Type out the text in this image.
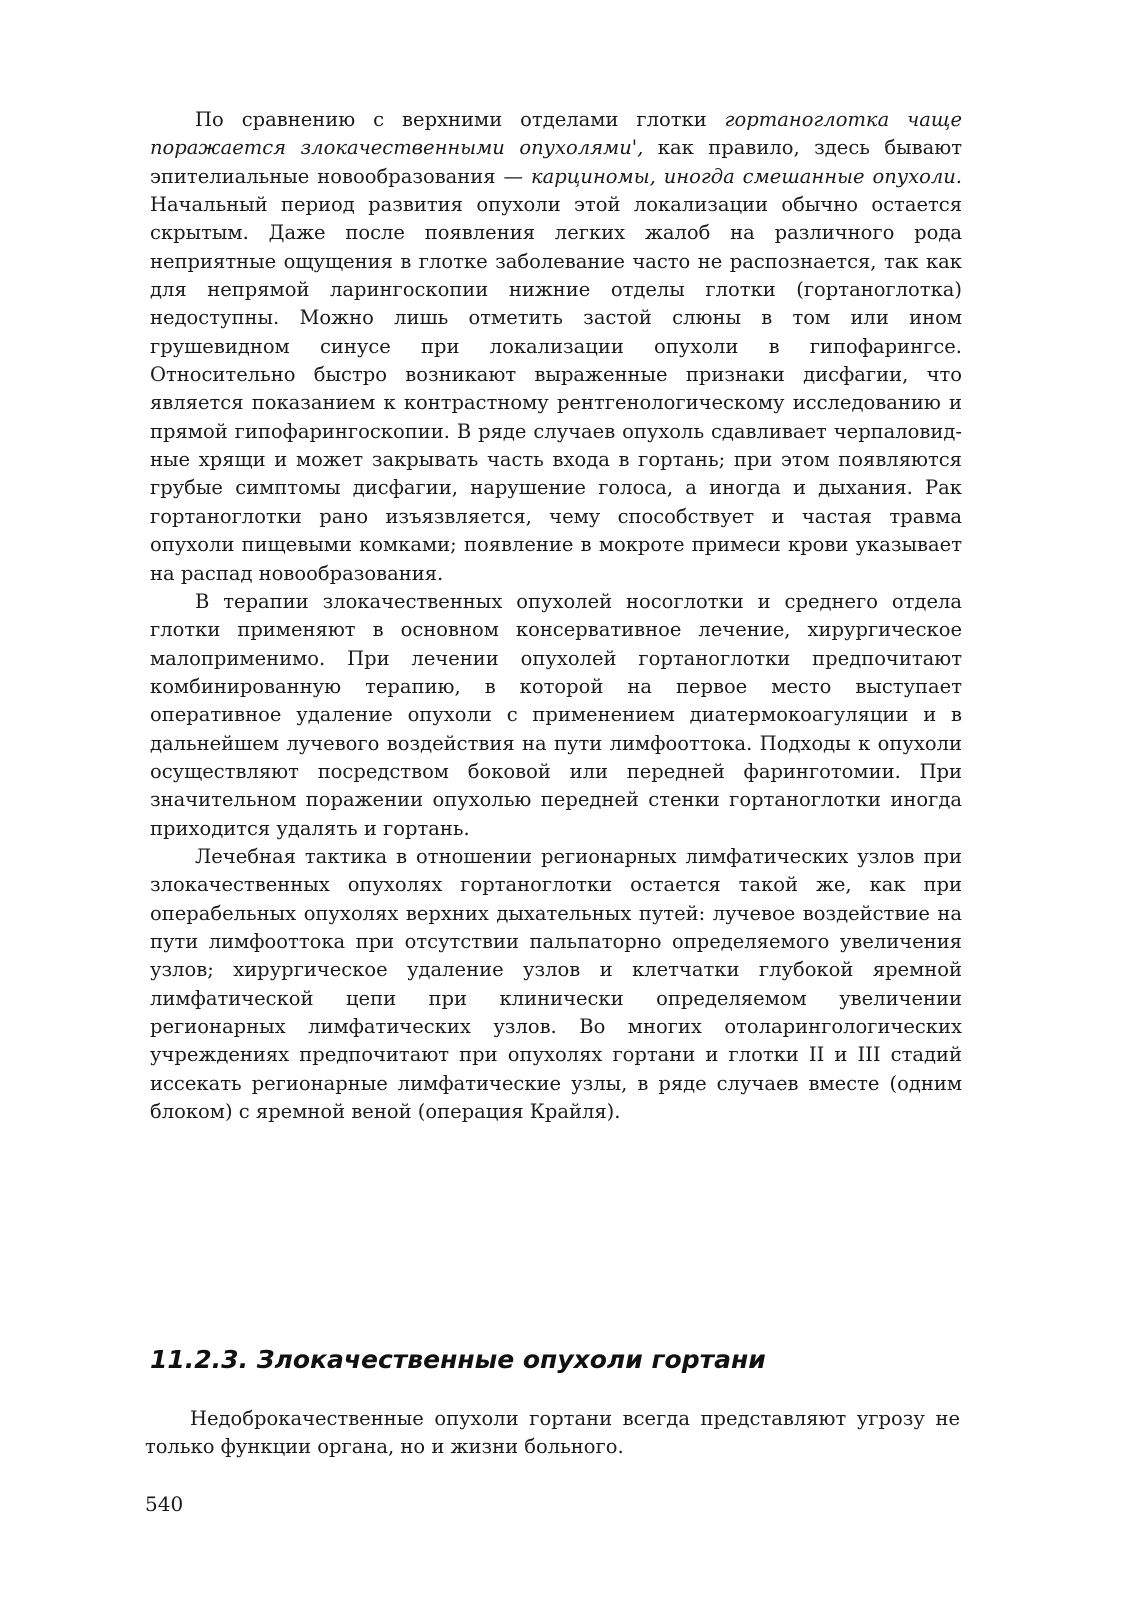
По сравнению с верхними отделами глотки гортаноглотка чаще поражается злокачественными опухолями', как правило, здесь бывают эпителиальные новообразования — карциномы, иногда смешанные опухоли. Начальный период развития опухоли этой локализации обычно остается скрытым. Даже после появления легких жалоб на различного рода неприятные ощущения в глотке заболевание часто не распознается, так как для непрямой ларингоскопии нижние отделы глотки (гортаноглотка) недоступны. Можно лишь отметить застой слюны в том или ином грушевидном синусе при локализации опухоли в гипофарингсе. Относительно быстро возникают выраженные признаки дисфагии, что является показанием к контрастному рентгенологическому исследованию и прямой гипофарингоскопии. В ряде случаев опухоль сдавливает черпаловидные хрящи и может закрывать часть входа в гортань; при этом появляются грубые симптомы дисфагии, нарушение голоса, а иногда и дыхания. Рак гортаноглотки рано изъязвляется, чему способствует и частая травма опухоли пищевыми комками; появление в мокроте примеси крови указывает на распад новообразования.

В терапии злокачественных опухолей носоглотки и среднего отдела глотки применяют в основном консервативное лечение, хирургическое малоприменимо. При лечении опухолей гортаноглотки предпочитают комбинированную терапию, в которой на первое место выступает оперативное удаление опухоли с применением диатермокоагуляции и в дальнейшем лучевого воздействия на пути лимфооттока. Подходы к опухоли осуществляют посредством боковой или передней фаринготомии. При значительном поражении опухолью передней стенки гортаноглотки иногда приходится удалять и гортань.

Лечебная тактика в отношении регионарных лимфатических узлов при злокачественных опухолях гортаноглотки остается такой же, как при операбельных опухолях верхних дыхательных путей: лучевое воздействие на пути лимфооттока при отсутствии пальпаторно определяемого увеличения узлов; хирургическое удаление узлов и клетчатки глубокой яремной лимфатической цепи при клинически определяемом увеличении регионарных лимфатических узлов. Во многих отоларингологических учреждениях предпочитают при опухолях гортани и глотки II и III стадий иссекать регионарные лимфатические узлы, в ряде случаев вместе (одним блоком) с яремной веной (операция Крайля).

11.2.3. Злокачественные опухоли гортани

Недоброкачественные опухоли гортани всегда представляют угрозу не только функции органа, но и жизни больного.

540
